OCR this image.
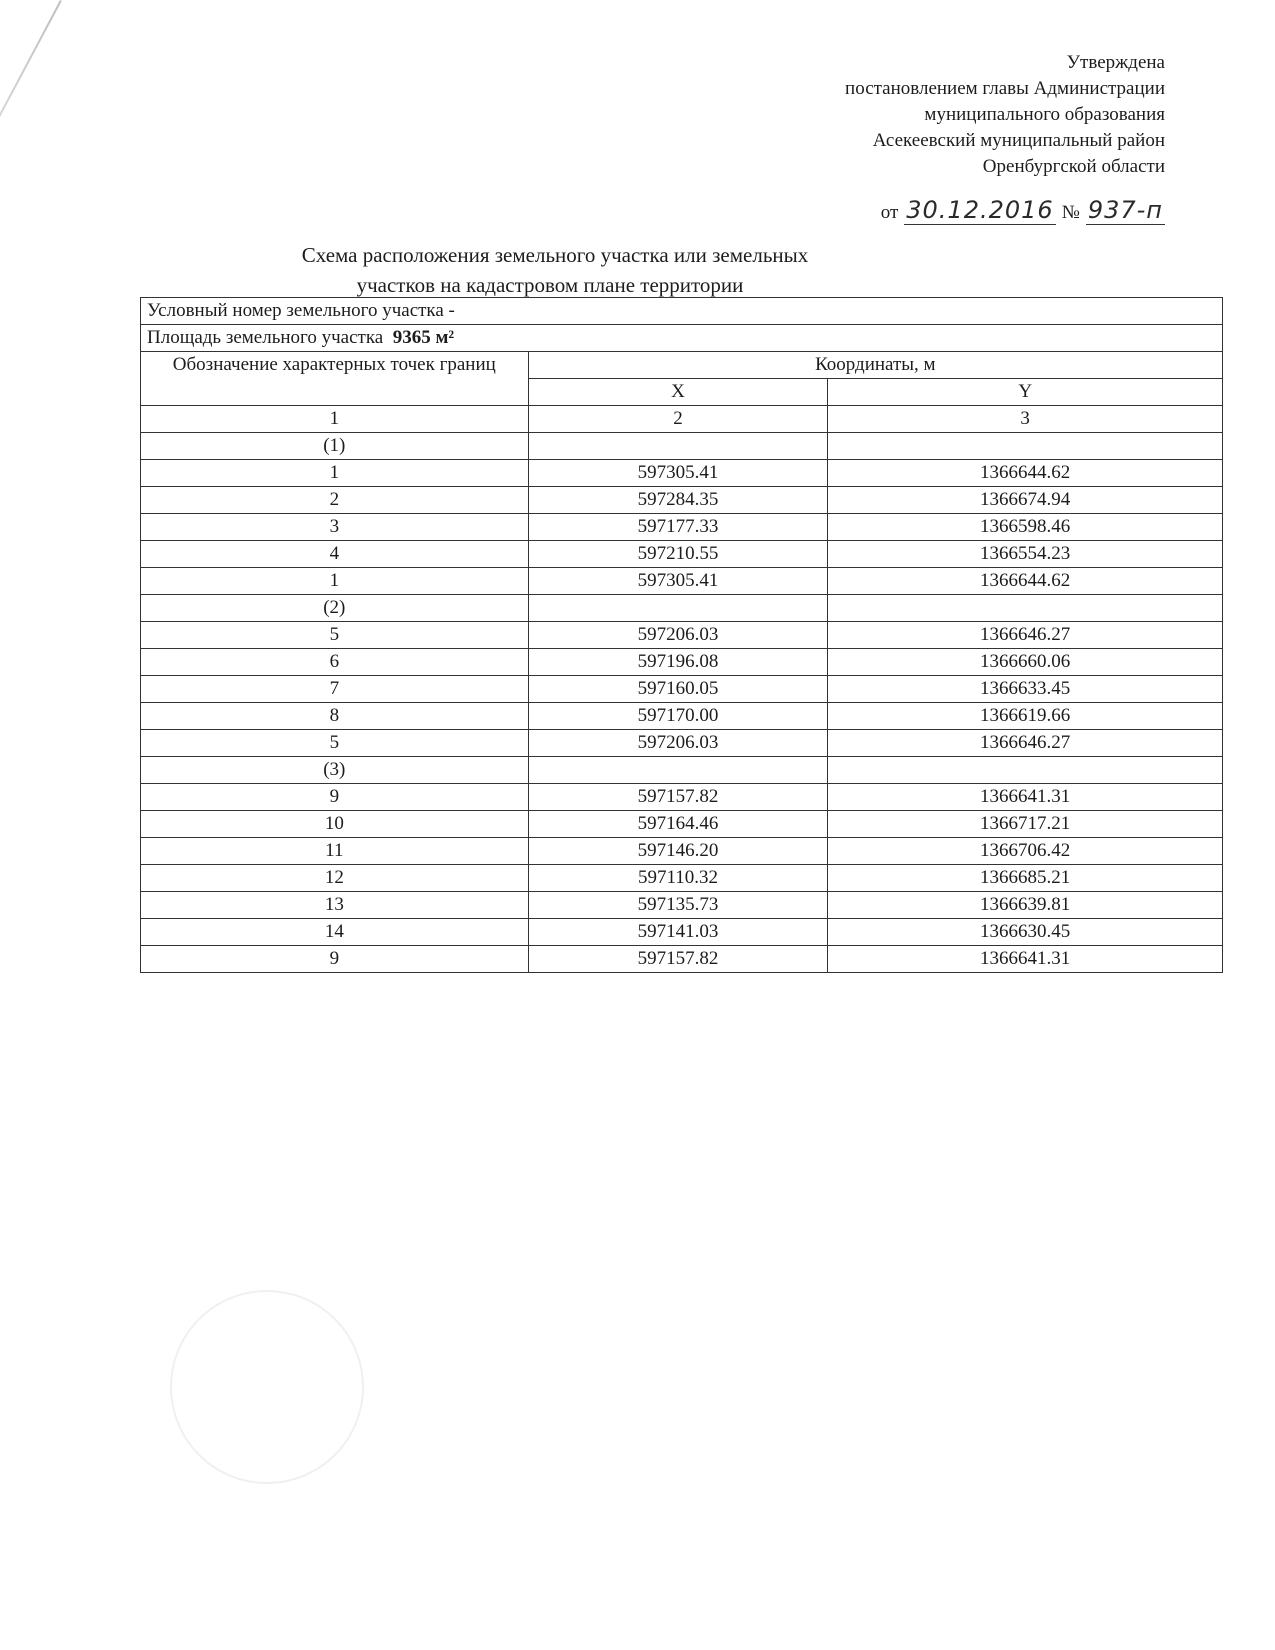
Утверждена
постановлением главы Администрации
муниципального образования
Асекеевский муниципальный район
Оренбургской области
от 30.12.2016 № 937-п
Схема расположения земельного участка или земельных
участков на кадастровом плане территории
Условный номер земельного участка -		
Площадь земельного участка 9365 м²		
Обозначение характерных точек границ	Координаты, м	
	X	Y
1	2	3
(1)		
1	597305.41	1366644.62
2	597284.35	1366674.94
3	597177.33	1366598.46
4	597210.55	1366554.23
1	597305.41	1366644.62
(2)		
5	597206.03	1366646.27
6	597196.08	1366660.06
7	597160.05	1366633.45
8	597170.00	1366619.66
5	597206.03	1366646.27
(3)		
9	597157.82	1366641.31
10	597164.46	1366717.21
11	597146.20	1366706.42
12	597110.32	1366685.21
13	597135.73	1366639.81
14	597141.03	1366630.45
9	597157.82	1366641.31
